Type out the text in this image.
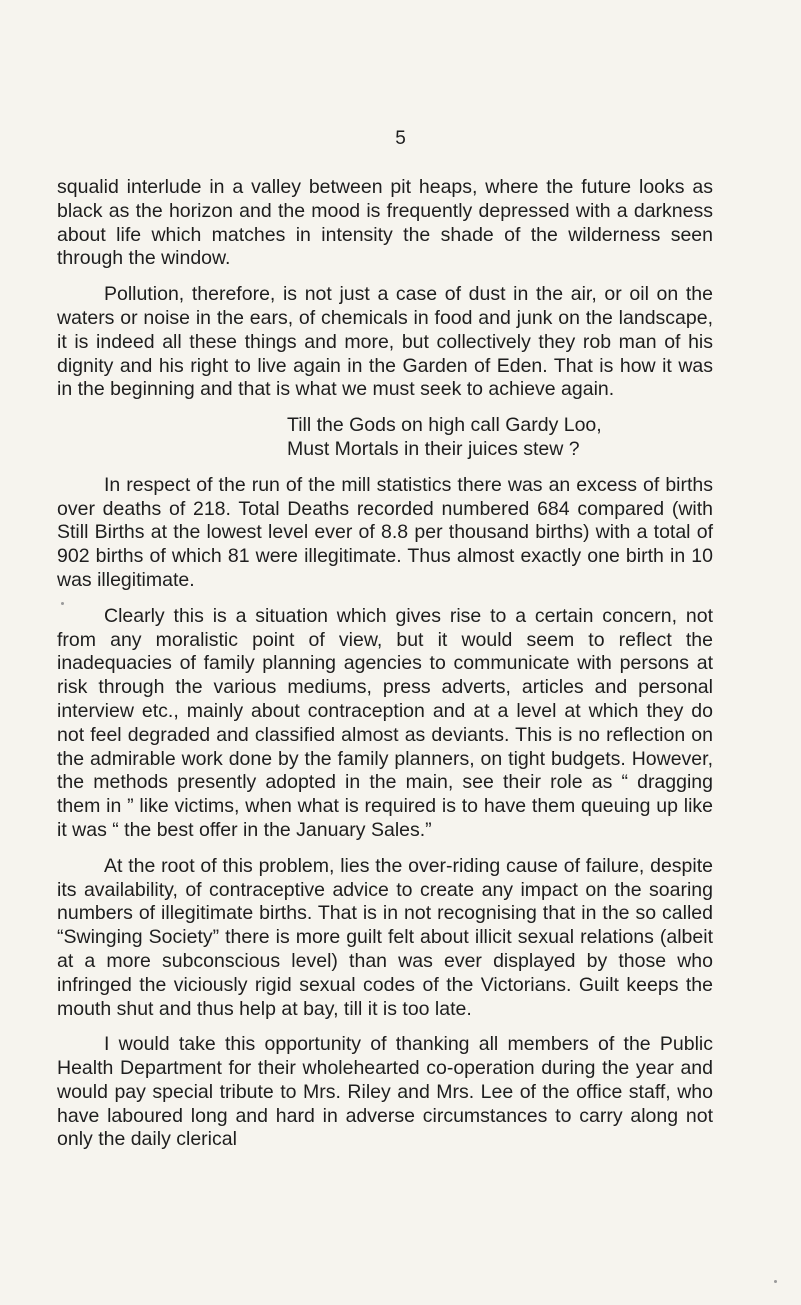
5

squalid interlude in a valley between pit heaps, where the future looks as black as the horizon and the mood is frequently depressed with a darkness about life which matches in intensity the shade of the wilderness seen through the window.

Pollution, therefore, is not just a case of dust in the air, or oil on the waters or noise in the ears, of chemicals in food and junk on the landscape, it is indeed all these things and more, but collectively they rob man of his dignity and his right to live again in the Garden of Eden. That is how it was in the beginning and that is what we must seek to achieve again.

Till the Gods on high call Gardy Loo,
Must Mortals in their juices stew ?

In respect of the run of the mill statistics there was an excess of births over deaths of 218. Total Deaths recorded numbered 684 compared (with Still Births at the lowest level ever of 8.8 per thousand births) with a total of 902 births of which 81 were illegitimate. Thus almost exactly one birth in 10 was illegitimate.

Clearly this is a situation which gives rise to a certain concern, not from any moralistic point of view, but it would seem to reflect the inadequacies of family planning agencies to communicate with persons at risk through the various mediums, press adverts, articles and personal interview etc., mainly about contraception and at a level at which they do not feel degraded and classified almost as deviants. This is no reflection on the admirable work done by the family planners, on tight budgets. However, the methods presently adopted in the main, see their role as “ dragging them in ” like victims, when what is required is to have them queuing up like it was “ the best offer in the January Sales.”

At the root of this problem, lies the over-riding cause of failure, despite its availability, of contraceptive advice to create any impact on the soaring numbers of illegitimate births. That is in not recognising that in the so called “Swinging Society” there is more guilt felt about illicit sexual relations (albeit at a more subconscious level) than was ever displayed by those who infringed the viciously rigid sexual codes of the Victorians. Guilt keeps the mouth shut and thus help at bay, till it is too late.

I would take this opportunity of thanking all members of the Public Health Department for their wholehearted co-operation during the year and would pay special tribute to Mrs. Riley and Mrs. Lee of the office staff, who have laboured long and hard in adverse circumstances to carry along not only the daily clerical
